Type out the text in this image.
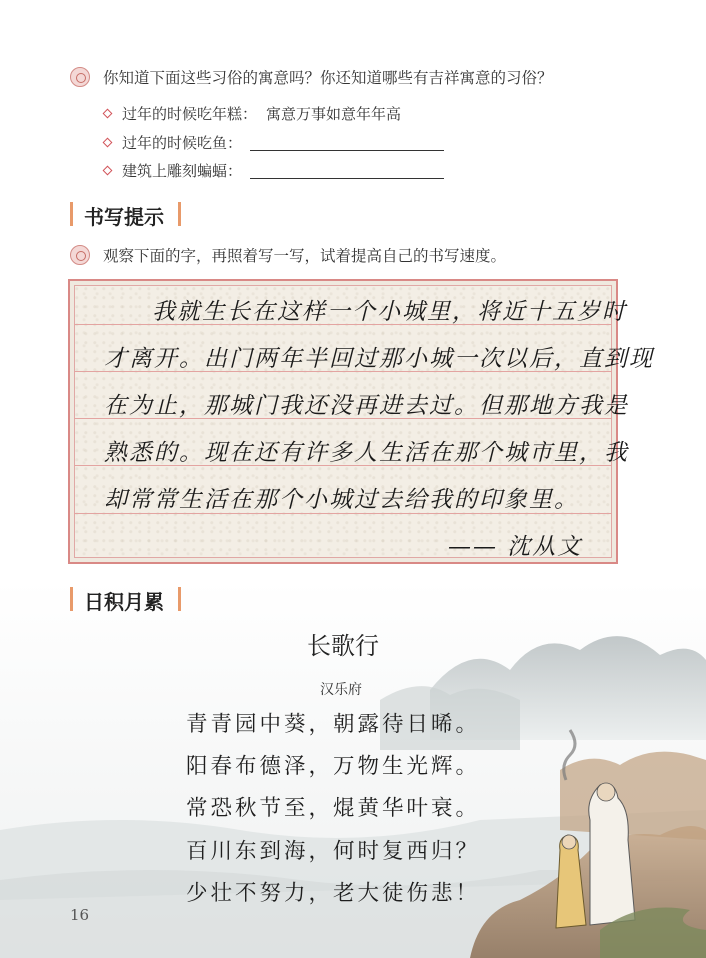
你知道下面这些习俗的寓意吗？你还知道哪些有吉祥寓意的习俗？
过年的时候吃年糕： 寓意万事如意年年高
过年的时候吃鱼：
建筑上雕刻蝙蝠：
书写提示
观察下面的字，再照着写一写，试着提高自己的书写速度。
我就生长在这样一个小城里，将近十五岁时
才离开。出门两年半回过那小城一次以后，直到现
在为止，那城门我还没再进去过。但那地方我是
熟悉的。现在还有许多人生活在那个城市里，我
却常常生活在那个小城过去给我的印象里。
—— 沈从文
日积月累
长歌行
汉乐府
青青园中葵，朝露待日晞。
阳春布德泽，万物生光辉。
常恐秋节至，焜黄华叶衰。
百川东到海，何时复西归？
少壮不努力，老大徒伤悲！
16
